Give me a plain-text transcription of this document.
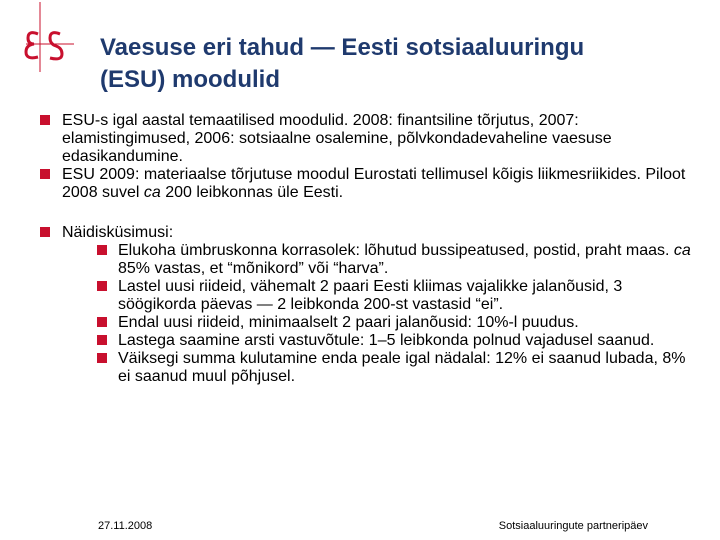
Vaesuse eri tahud — Eesti sotsiaaluuringu
(ESU) moodulid

ESU-s igal aastal temaatilised moodulid. 2008: finantsiline tõrjutus, 2007: elamistingimused, 2006: sotsiaalne osalemine, põlvkondadevaheline vaesuse edasikandumine.

ESU 2009: materiaalse tõrjutuse moodul Eurostati tellimusel kõigis liikmesriikides. Piloot 2008 suvel ca 200 leibkonnas üle Eesti.

Näidisküsimusi:

Elukoha ümbruskonna korrasolek: lõhutud bussipeatused, postid, praht maas. ca 85% vastas, et “mõnikord” või “harva”.

Lastel uusi riideid, vähemalt 2 paari Eesti kliimas vajalikke jalanõusid, 3 söögikorda päevas — 2 leibkonda 200-st vastasid “ei”.

Endal uusi riideid, minimaalselt 2 paari jalanõusid: 10%-l puudus.

Lastega saamine arsti vastuvõtule: 1–5 leibkonda polnud vajadusel saanud.

Väiksegi summa kulutamine enda peale igal nädalal: 12% ei saanud lubada, 8% ei saanud muul põhjusel.

27.11.2008	Sotsiaaluuringute partneripäev
